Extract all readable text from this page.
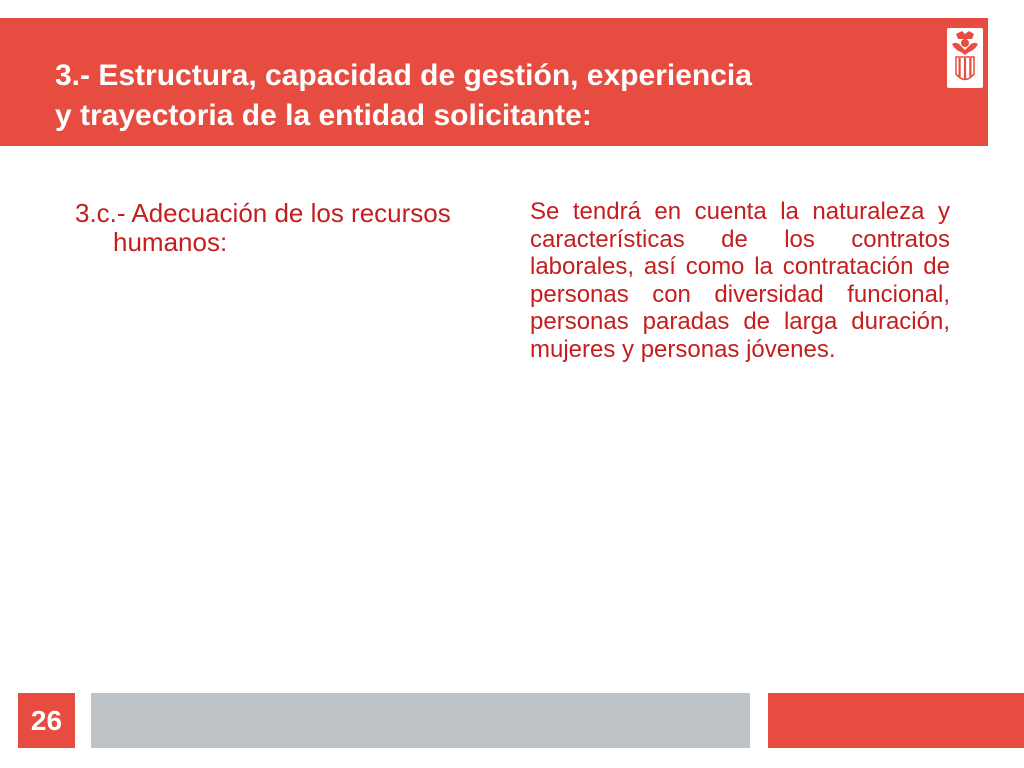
3.- Estructura, capacidad de gestión, experiencia
y trayectoria de la entidad solicitante:

3.c.- Adecuación de los recursos humanos:

Se tendrá en cuenta la naturaleza y características de los contratos laborales, así como la contratación de personas con diversidad funcional, personas paradas de larga duración, mujeres y personas jóvenes.

26
